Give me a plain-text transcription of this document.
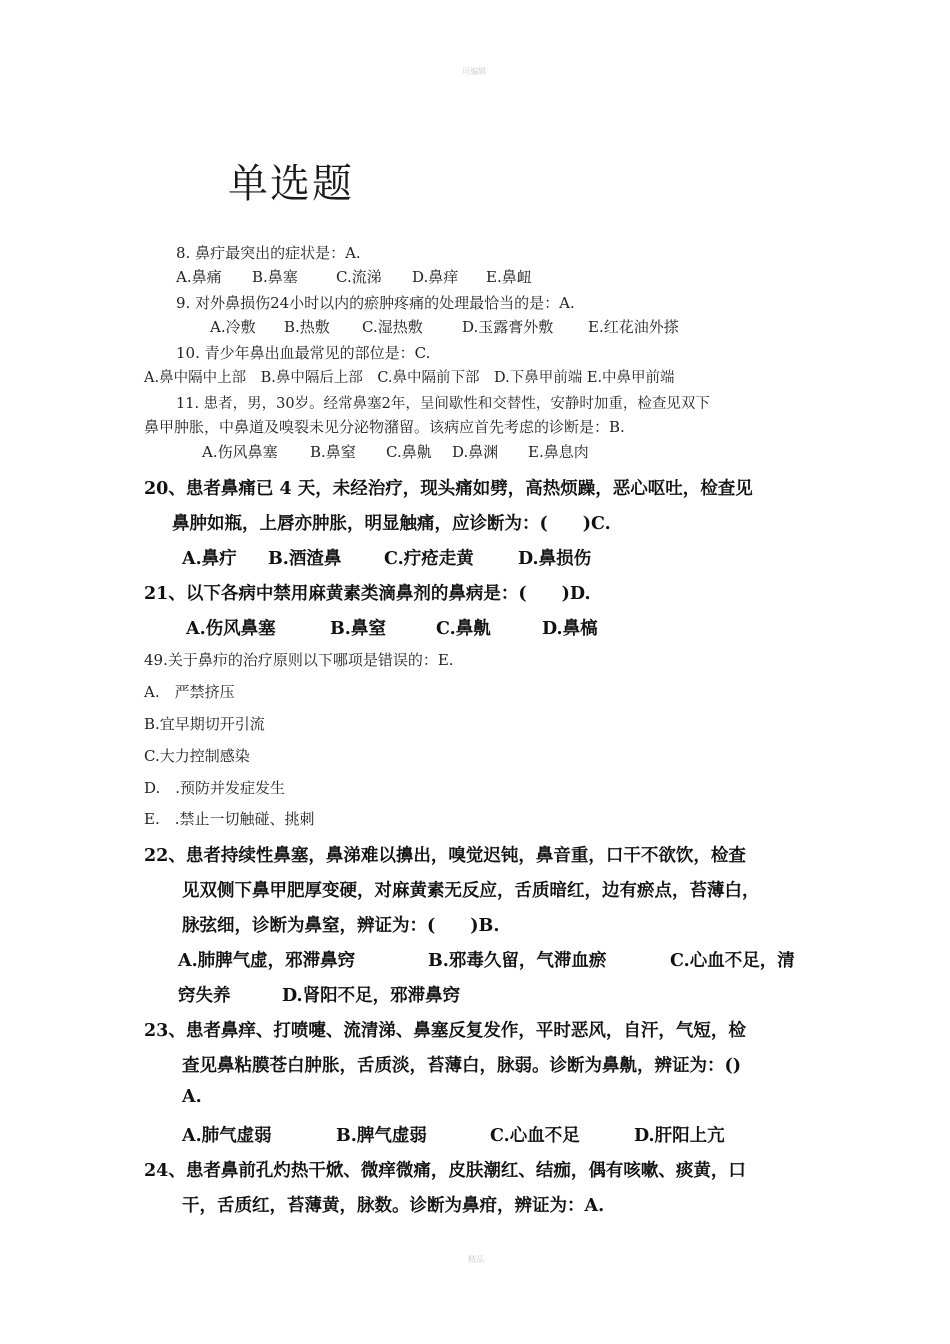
可编辑
单选题
8. 鼻疔最突出的症状是：A.
A.鼻痛 B.鼻塞	C.流涕 D.鼻痒 E.鼻衄
9. 对外鼻损伤24小时以内的瘀肿疼痛的处理最恰当的是：A.
A.冷敷 B.热敷 C.湿热敷	D.玉露膏外敷 E.红花油外搽
10. 青少年鼻出血最常见的部位是：C.
A.鼻中隔中上部　B.鼻中隔后上部　C.鼻中隔前下部　D.下鼻甲前端 E.中鼻甲前端
11. 患者，男，30岁。经常鼻塞2年，呈间歇性和交替性，安静时加重，检查见双下
鼻甲肿胀，中鼻道及嗅裂未见分泌物潴留。该病应首先考虑的诊断是：B.
A.伤风鼻塞 B.鼻窒 C.鼻鼽 D.鼻渊 E.鼻息肉
20、患者鼻痛已 4 天，未经治疗，现头痛如劈，高热烦躁，恶心呕吐，检查见
鼻肿如瓶，上唇亦肿胀，明显触痛，应诊断为：(　　)C.
A.鼻疔 B.酒渣鼻 C.疔疮走黄	D.鼻损伤
21、以下各病中禁用麻黄素类滴鼻剂的鼻病是：(　　)D.
A.伤风鼻塞	B.鼻窒	C.鼻鼽	D.鼻槁
49.关于鼻疖的治疗原则以下哪项是错误的：E.
A.　严禁挤压
B.宜早期切开引流
C.大力控制感染
D.　.预防并发症发生
E.　.禁止一切触碰、挑刺
22、患者持续性鼻塞，鼻涕难以擤出，嗅觉迟钝，鼻音重，口干不欲饮，检查
见双侧下鼻甲肥厚变硬，对麻黄素无反应，舌质暗红，边有瘀点，苔薄白，
脉弦细，诊断为鼻窒，辨证为：(　　)B.
A.肺脾气虚，邪滞鼻窍	B.邪毒久留，气滞血瘀	C.心血不足，清
窍失养	D.肾阳不足，邪滞鼻窍
23、患者鼻痒、打喷嚏、流清涕、鼻塞反复发作，平时恶风，自汗，气短，检
查见鼻粘膜苍白肿胀，舌质淡，苔薄白，脉弱。诊断为鼻鼽，辨证为：()
A.
A.肺气虚弱	B.脾气虚弱	C.心血不足	D.肝阳上亢
24、患者鼻前孔灼热干焮、微痒微痛，皮肤潮红、结痂，偶有咳嗽、痰黄，口
干，舌质红，苔薄黄，脉数。诊断为鼻疳，辨证为：A.
精品
